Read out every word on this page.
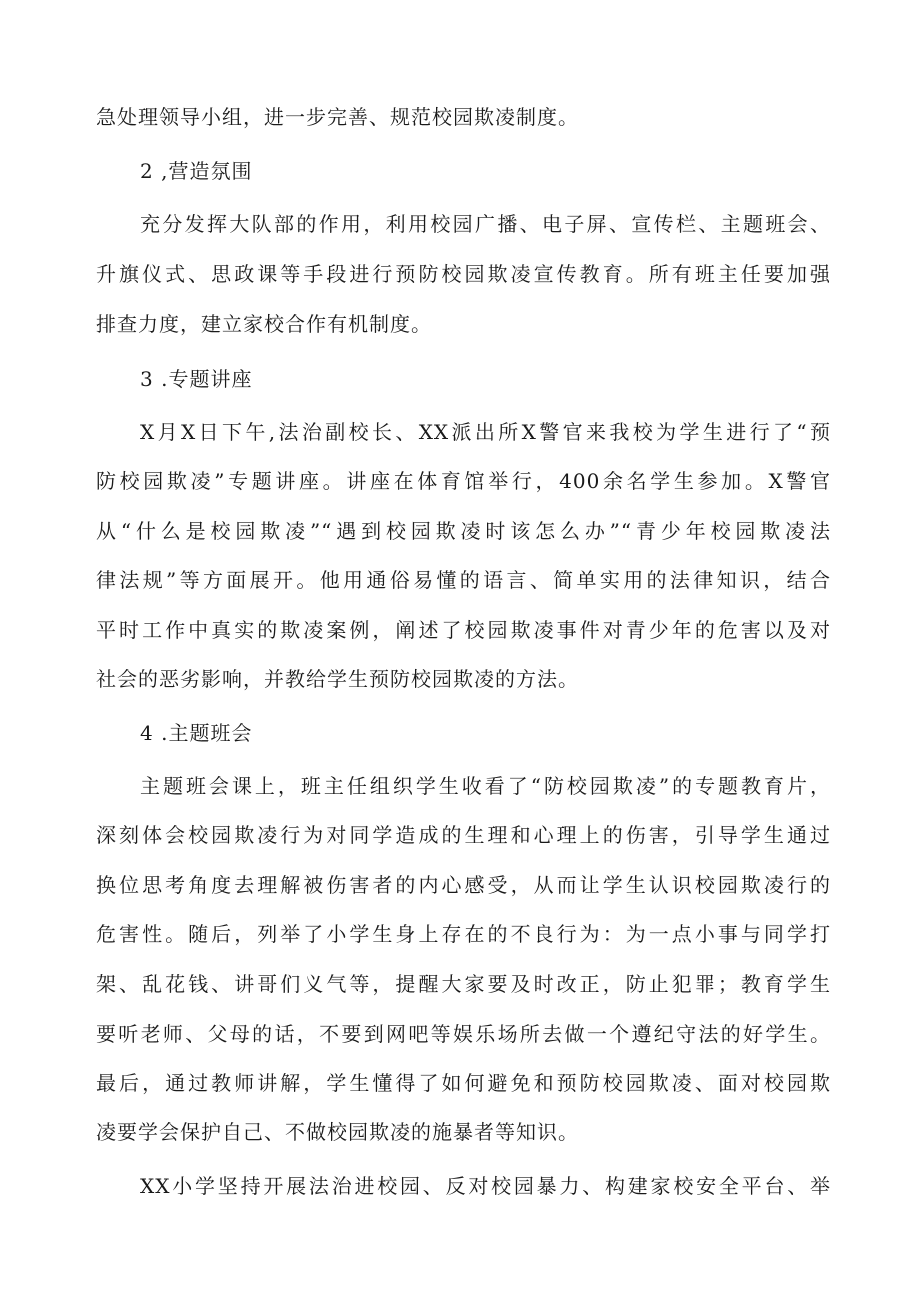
急处理领导小组，进一步完善、规范校园欺凌制度。
2 ,营造氛围
充分发挥大队部的作用，利用校园广播、电子屏、宣传栏、主题班会、
升旗仪式、思政课等手段进行预防校园欺凌宣传教育。所有班主任要加强
排查力度，建立家校合作有机制度。
3 .专题讲座
X月X日下午,法治副校长、XX派出所X警官来我校为学生进行了“预
防校园欺凌”专题讲座。讲座在体育馆举行，400余名学生参加。X警官
从“什么是校园欺凌”“遇到校园欺凌时该怎么办”“青少年校园欺凌法
律法规”等方面展开。他用通俗易懂的语言、简单实用的法律知识，结合
平时工作中真实的欺凌案例，阐述了校园欺凌事件对青少年的危害以及对
社会的恶劣影响，并教给学生预防校园欺凌的方法。
4 .主题班会
主题班会课上，班主任组织学生收看了“防校园欺凌”的专题教育片，
深刻体会校园欺凌行为对同学造成的生理和心理上的伤害，引导学生通过
换位思考角度去理解被伤害者的内心感受，从而让学生认识校园欺凌行的
危害性。随后，列举了小学生身上存在的不良行为：为一点小事与同学打
架、乱花钱、讲哥们义气等，提醒大家要及时改正，防止犯罪；教育学生
要听老师、父母的话，不要到网吧等娱乐场所去做一个遵纪守法的好学生。
最后，通过教师讲解，学生懂得了如何避免和预防校园欺凌、面对校园欺
凌要学会保护自己、不做校园欺凌的施暴者等知识。
XX小学坚持开展法治进校园、反对校园暴力、构建家校安全平台、举
